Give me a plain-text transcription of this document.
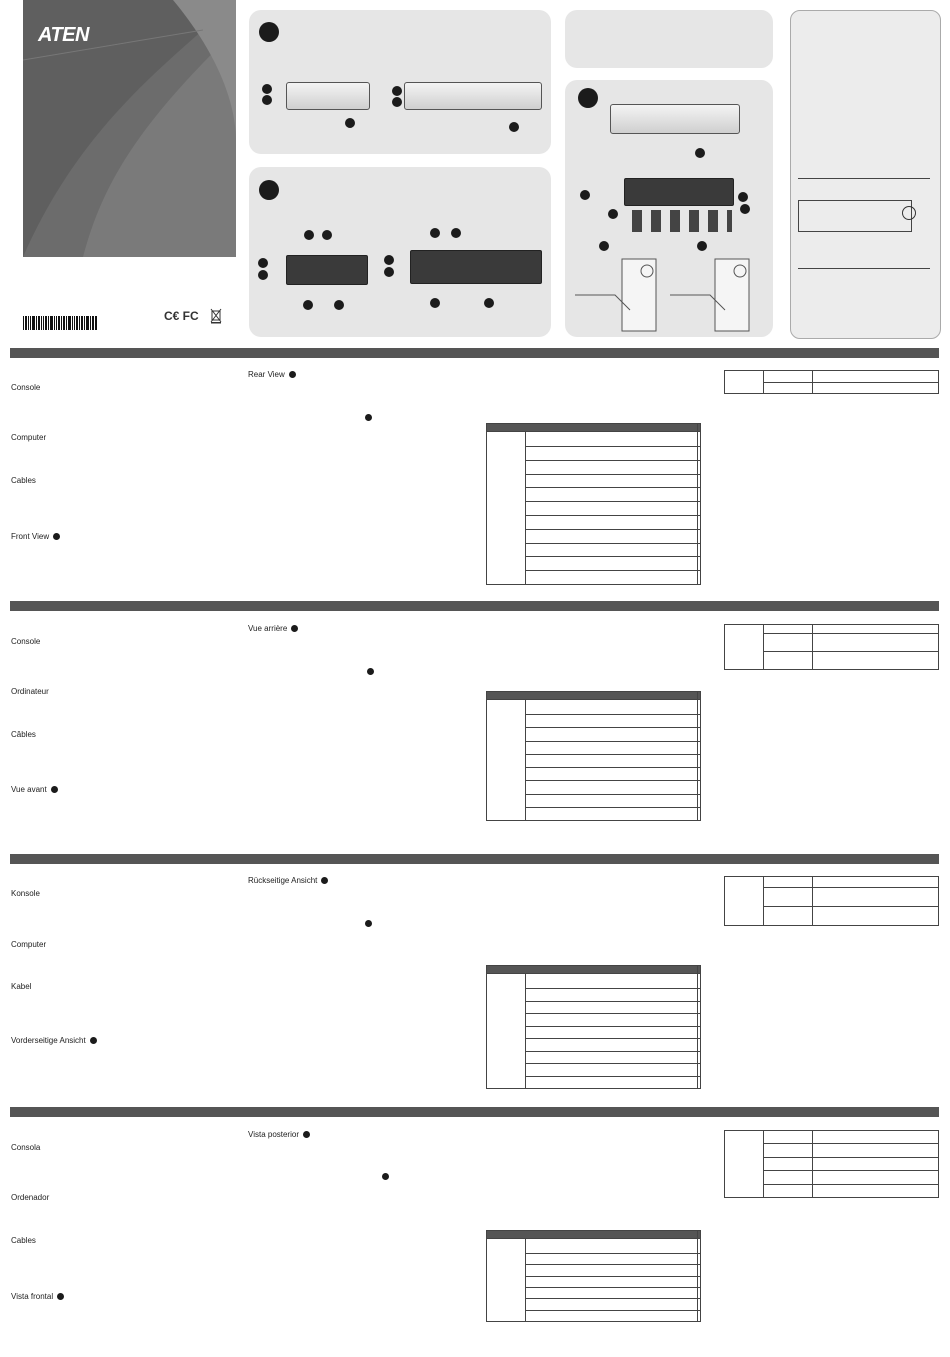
ATEN
C€ FC
Rear View
Console
Computer
Cables
Front View

Vue arrière
Console
Ordinateur
Câbles
Vue avant

Rückseitige Ansicht
Konsole
Computer
Kabel
Vorderseitige Ansicht

Vista posterior
Consola
Ordenador
Cables
Vista frontal
